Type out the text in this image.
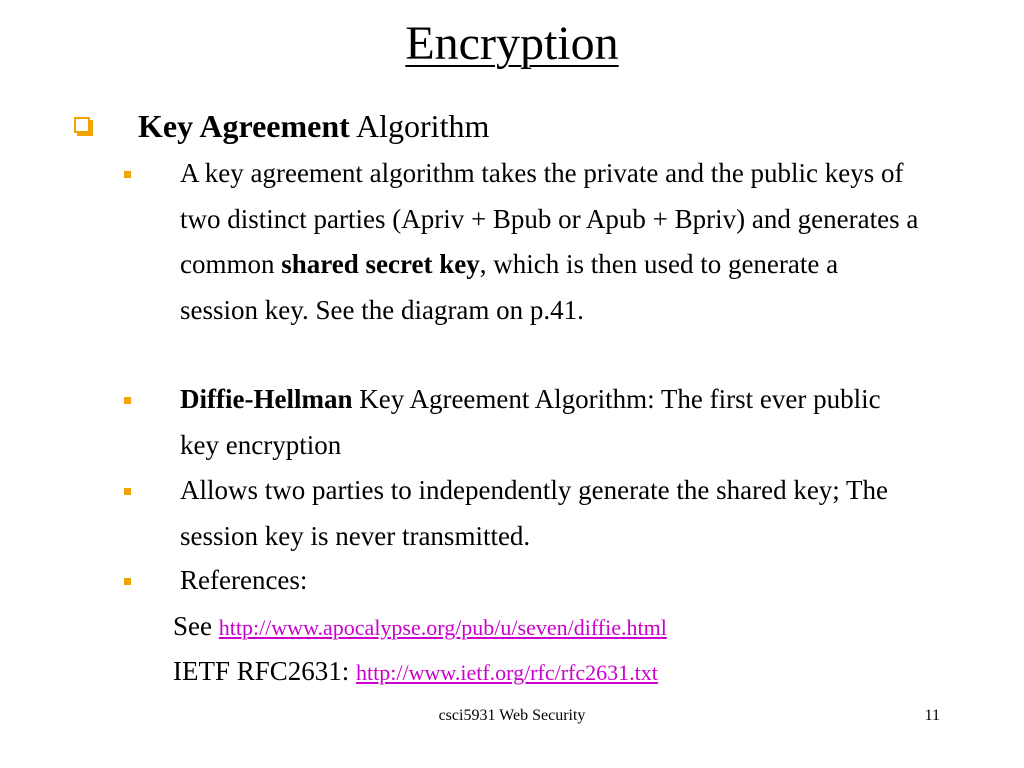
Encryption
Key Agreement Algorithm
A key agreement algorithm takes the private and the public keys of two distinct parties (Apriv + Bpub or Apub + Bpriv) and generates a common shared secret key, which is then used to generate a session key. See the diagram on p.41.
Diffie-Hellman Key Agreement Algorithm: The first ever public key encryption
Allows two parties to independently generate the shared key; The session key is never transmitted.
References:
See http://www.apocalypse.org/pub/u/seven/diffie.html
IETF RFC2631: http://www.ietf.org/rfc/rfc2631.txt
csci5931 Web Security	11
